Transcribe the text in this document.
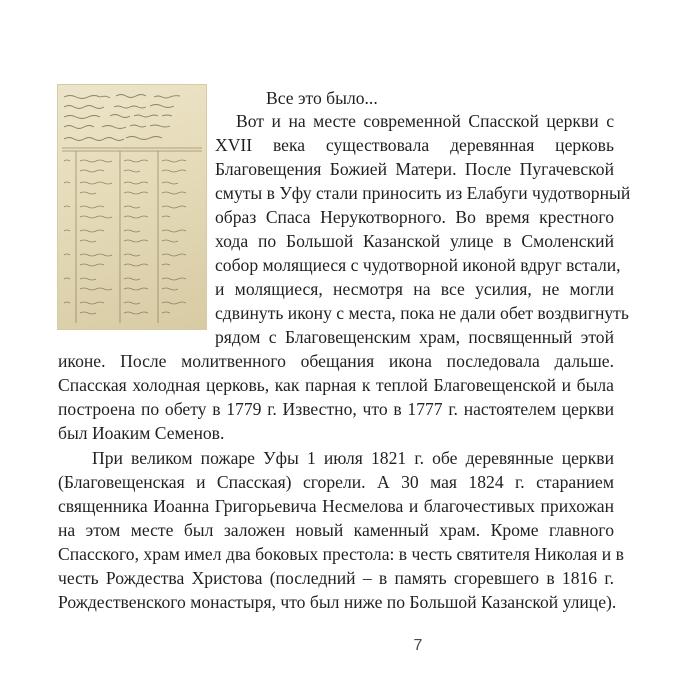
Все это было...
Вот и на месте современной Спасской церкви с
XVII века существовала деревянная церковь
Благовещения Божией Матери. После Пугачевской
смуты в Уфу стали приносить из Елабуги чудотворный
образ Спаса Нерукотворного. Во время крестного
хода по Большой Казанской улице в Смоленский
собор молящиеся с чудотворной иконой вдруг встали,
и молящиеся, несмотря на все усилия, не могли
сдвинуть икону с места, пока не дали обет воздвигнуть
рядом с Благовещенским храм, посвященный этой
иконе. После молитвенного обещания икона последовала дальше.
Спасская холодная церковь, как парная к теплой Благовещенской и была
построена по обету в 1779 г. Известно, что в 1777 г. настоятелем церкви
был Иоаким Семенов.
При великом пожаре Уфы 1 июля 1821 г. обе деревянные церкви
(Благовещенская и Спасская) сгорели. А 30 мая 1824 г. старанием
священника Иоанна Григорьевича Несмелова и благочестивых прихожан
на этом месте был заложен новый каменный храм. Кроме главного
Спасского, храм имел два боковых престола: в честь святителя Николая и в
честь Рождества Христова (последний – в память сгоревшего в 1816 г.
Рождественского монастыря, что был ниже по Большой Казанской улице).
7
